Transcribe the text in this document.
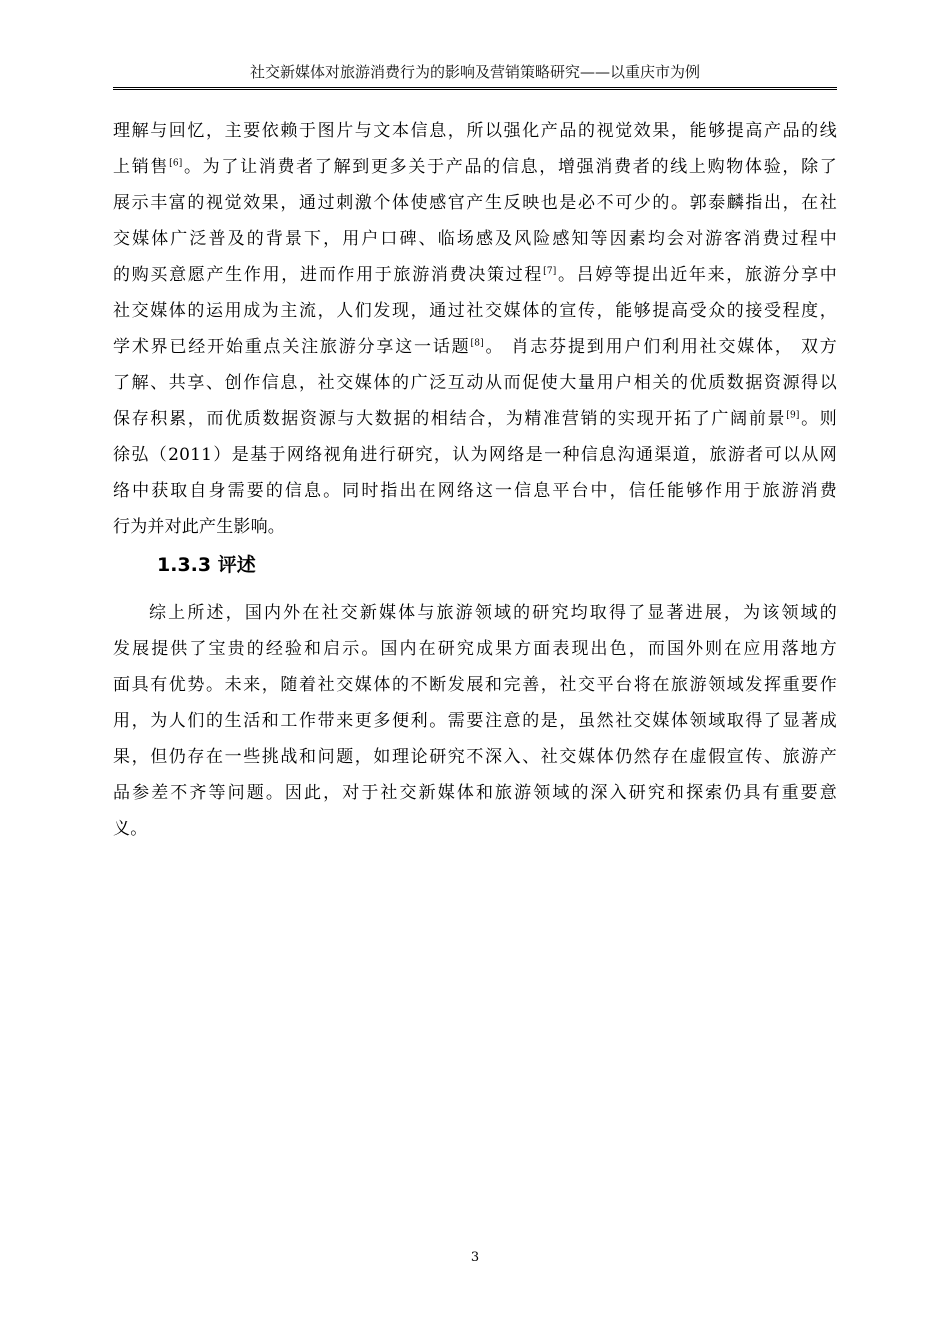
社交新媒体对旅游消费行为的影响及营销策略研究——以重庆市为例
理解与回忆，主要依赖于图片与文本信息，所以强化产品的视觉效果，能够提高产品的线
上销售[6]。为了让消费者了解到更多关于产品的信息，增强消费者的线上购物体验，除了
展示丰富的视觉效果，通过刺激个体使感官产生反映也是必不可少的。郭泰麟指出，在社
交媒体广泛普及的背景下，用户口碑、临场感及风险感知等因素均会对游客消费过程中
的购买意愿产生作用，进而作用于旅游消费决策过程[7]。吕婷等提出近年来，旅游分享中
社交媒体的运用成为主流，人们发现，通过社交媒体的宣传，能够提高受众的接受程度，
学术界已经开始重点关注旅游分享这一话题[8]。 肖志芬提到用户们利用社交媒体， 双方
了解、共享、创作信息，社交媒体的广泛互动从而促使大量用户相关的优质数据资源得以
保存积累，而优质数据资源与大数据的相结合，为精准营销的实现开拓了广阔前景[9]。则
徐弘（2011）是基于网络视角进行研究，认为网络是一种信息沟通渠道，旅游者可以从网
络中获取自身需要的信息。同时指出在网络这一信息平台中，信任能够作用于旅游消费
行为并对此产生影响。
1.3.3 评述
综上所述，国内外在社交新媒体与旅游领域的研究均取得了显著进展，为该领域的
发展提供了宝贵的经验和启示。国内在研究成果方面表现出色，而国外则在应用落地方
面具有优势。未来，随着社交媒体的不断发展和完善，社交平台将在旅游领域发挥重要作
用，为人们的生活和工作带来更多便利。需要注意的是，虽然社交媒体领域取得了显著成
果，但仍存在一些挑战和问题，如理论研究不深入、社交媒体仍然存在虚假宣传、旅游产
品参差不齐等问题。因此，对于社交新媒体和旅游领域的深入研究和探索仍具有重要意
义。
3
